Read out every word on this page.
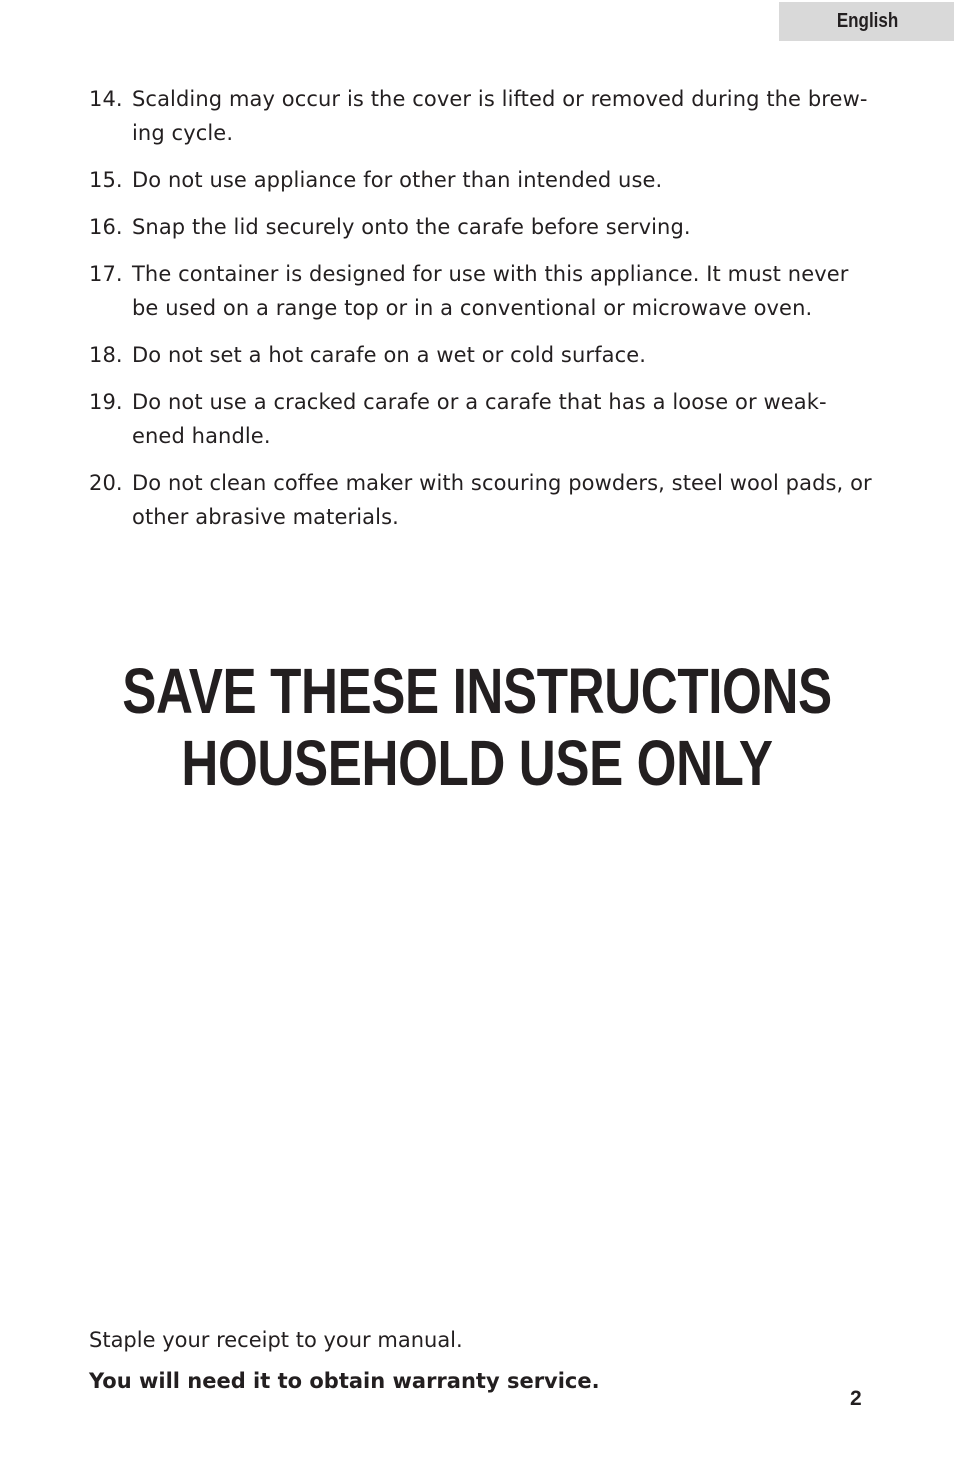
English
14. Scalding may occur is the cover is lifted or removed during the brew-ing cycle.
15. Do not use appliance for other than intended use.
16. Snap the lid securely onto the carafe before serving.
17. The container is designed for use with this appliance. It must never be used on a range top or in a conventional or microwave oven.
18. Do not set a hot carafe on a wet or cold surface.
19. Do not use a cracked carafe or a carafe that has a loose or weak-ened handle.
20. Do not clean coffee maker with scouring powders, steel wool pads, or other abrasive materials.
SAVE THESE INSTRUCTIONS
HOUSEHOLD USE ONLY
Staple your receipt to your manual.
You will need it to obtain warranty service.
2
